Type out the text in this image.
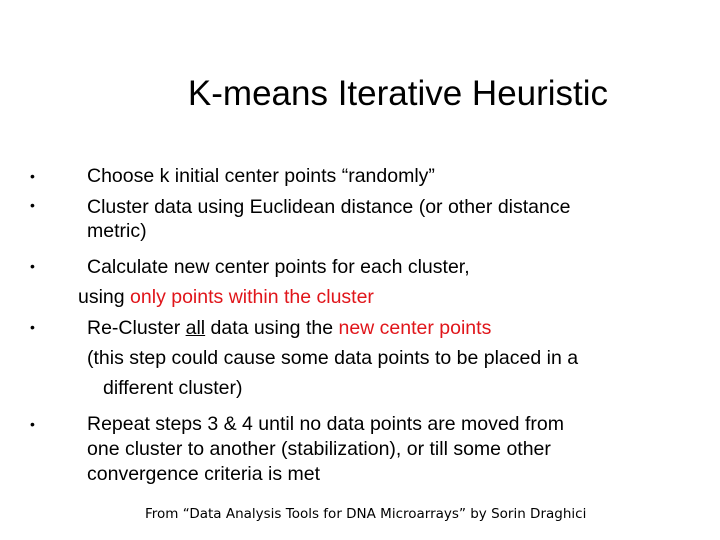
K-means Iterative Heuristic
•
•
•
•
•
Choose k initial center points “randomly”
Cluster data using Euclidean distance (or other distance
metric)
Calculate new center points for each cluster,
using only points within the cluster
Re-Cluster all data using the new center points
(this step could cause some data points to be placed in a
different cluster)
Repeat steps 3 & 4 until no data points are moved from
one cluster to another (stabilization), or till some other
convergence criteria is met
From “Data Analysis Tools for DNA Microarrays” by Sorin Draghici
